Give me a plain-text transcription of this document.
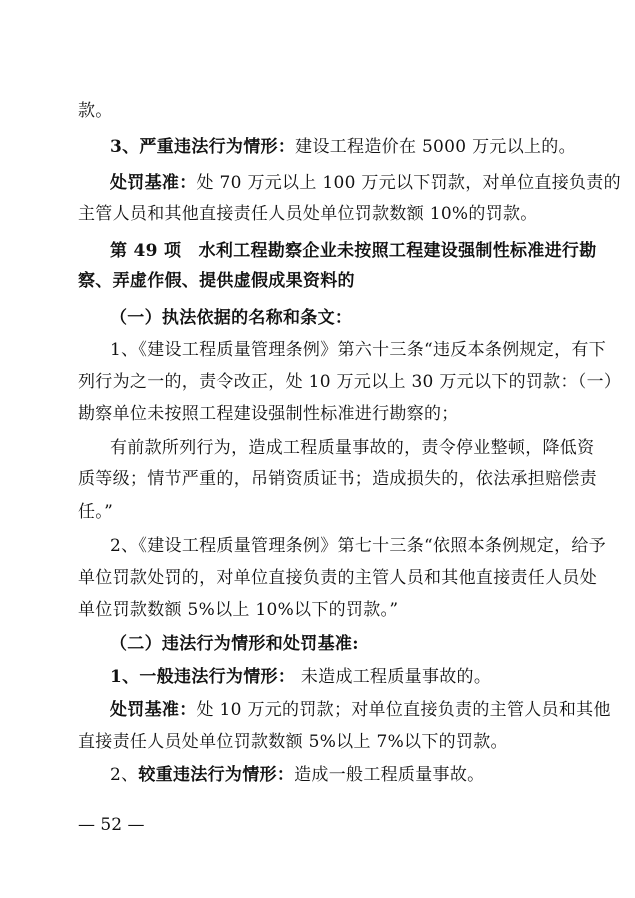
款。
3、严重违法行为情形：建设工程造价在 5000 万元以上的。
处罚基准：处 70 万元以上 100 万元以下罚款，对单位直接负责的
主管人员和其他直接责任人员处单位罚款数额 10%的罚款。
第 49 项　水利工程勘察企业未按照工程建设强制性标准进行勘
察、弄虚作假、提供虚假成果资料的
（一）执法依据的名称和条文：
1、《建设工程质量管理条例》第六十三条“违反本条例规定，有下
列行为之一的，责令改正，处 10 万元以上 30 万元以下的罚款：（一）
勘察单位未按照工程建设强制性标准进行勘察的；
有前款所列行为，造成工程质量事故的，责令停业整顿，降低资
质等级；情节严重的，吊销资质证书；造成损失的，依法承担赔偿责
任。”
2、《建设工程质量管理条例》第七十三条“依照本条例规定，给予
单位罚款处罚的，对单位直接负责的主管人员和其他直接责任人员处
单位罚款数额 5%以上 10%以下的罚款。”
（二）违法行为情形和处罚基准:
1、一般违法行为情形： 未造成工程质量事故的。
处罚基准：处 10 万元的罚款；对单位直接负责的主管人员和其他
直接责任人员处单位罚款数额 5%以上 7%以下的罚款。
2、较重违法行为情形：造成一般工程质量事故。
— 52 —
